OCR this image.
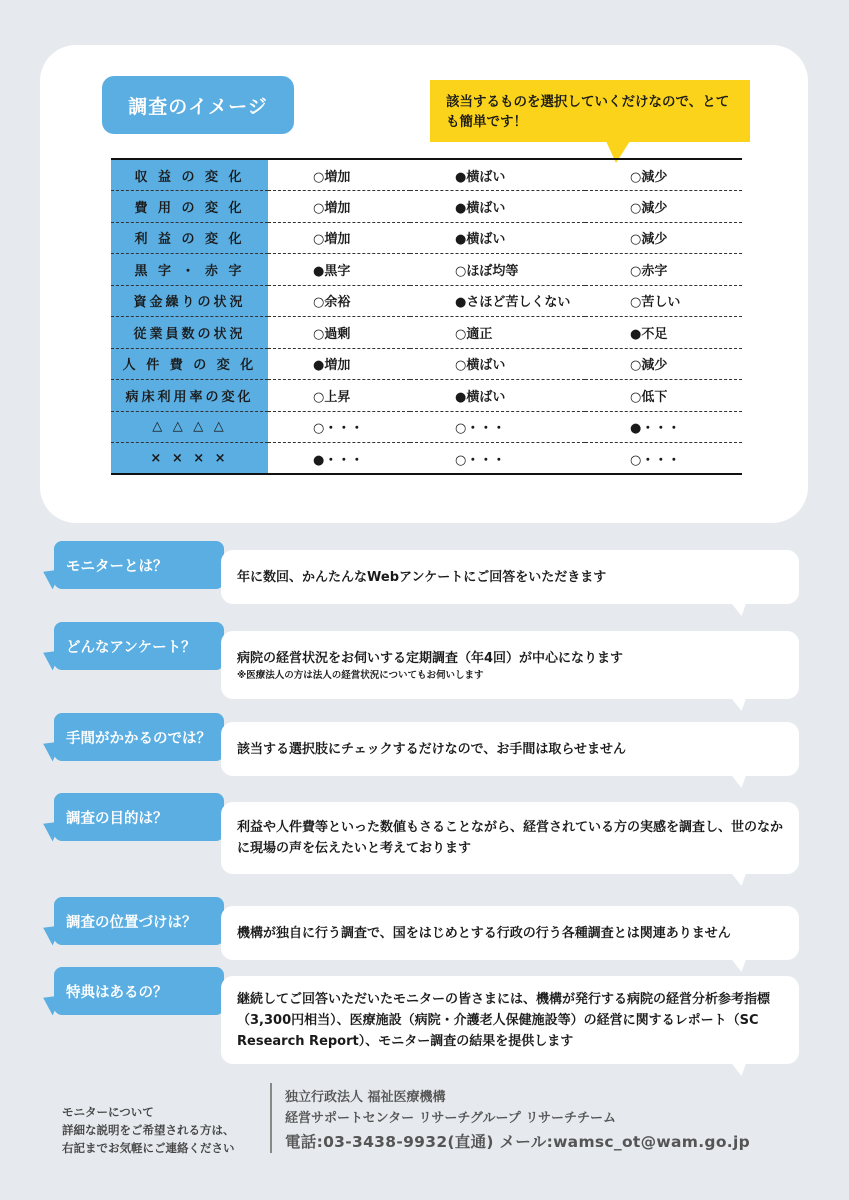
調査のイメージ	該当するものを選択していくだけなので、とても簡単です！
収 益 の 変 化	○増加	●横ばい	○減少
費 用 の 変 化	○増加	●横ばい	○減少
利 益 の 変 化	○増加	●横ばい	○減少
黒 字 ・ 赤 字	●黒字	○ほぼ均等	○赤字
資金繰りの状況	○余裕	●さほど苦しくない	○苦しい
従業員数の状況	○過剰	○適正	●不足
人 件 費 の 変 化	●増加	○横ばい	○減少
病床利用率の変化	○上昇	●横ばい	○低下
△ △ △ △	○・・・	○・・・	●・・・
× × × ×	●・・・	○・・・	○・・・
モニターとは？
年に数回、かんたんなWebアンケートにご回答をいただきます
どんなアンケート？
病院の経営状況をお伺いする定期調査（年4回）が中心になります
※医療法人の方は法人の経営状況についてもお伺いします
手間がかかるのでは？
該当する選択肢にチェックするだけなので、お手間は取らせません
調査の目的は？
利益や人件費等といった数値もさることながら、経営されている方の実感を調査し、世のなかに現場の声を伝えたいと考えております
調査の位置づけは？
機構が独自に行う調査で、国をはじめとする行政の行う各種調査とは関連ありません
特典はあるの？	継続してご回答いただいたモニターの皆さまには、機構が発行する病院の経営分析参考指標（3,300円相当）、医療施設（病院・介護老人保健施設等）の経営に関するレポート（SC Research Report）、モニター調査の結果を提供します
モニターについて
詳細な説明をご希望される方は、
右記までお気軽にご連絡ください
独立行政法人 福祉医療機構
経営サポートセンター リサーチグループ リサーチチーム
電話:03-3438-9932(直通) メール:wamsc_ot@wam.go.jp
